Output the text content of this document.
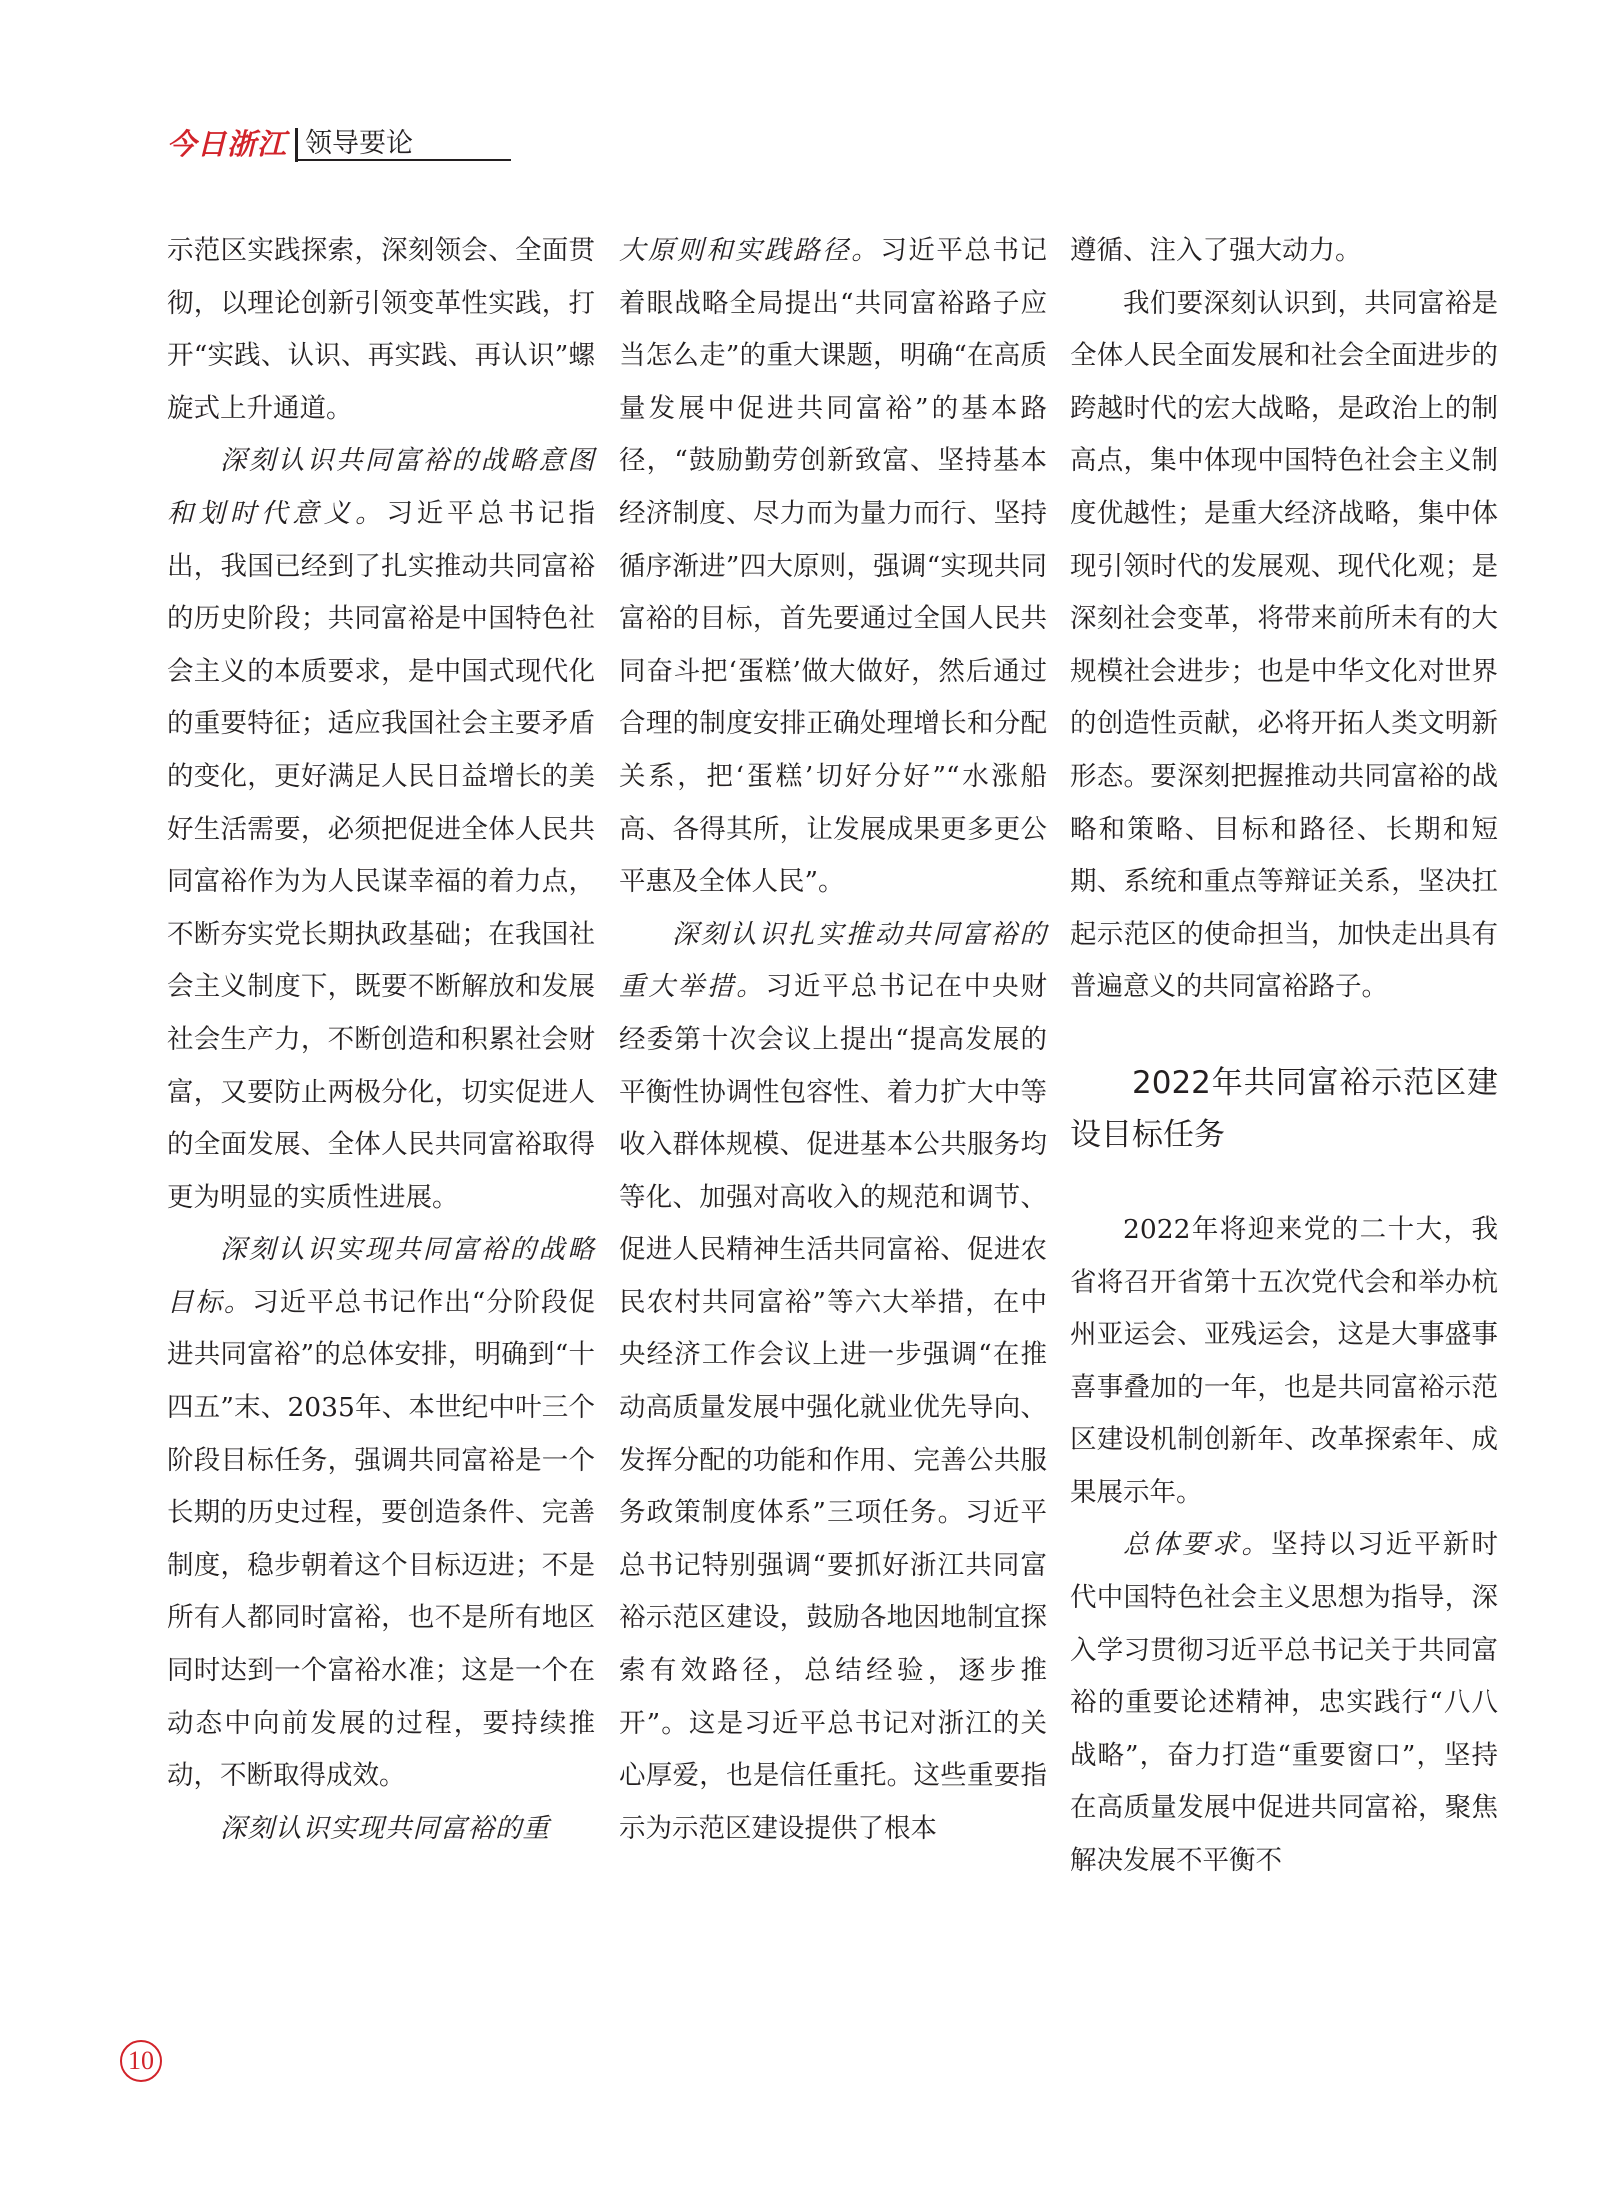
今日浙江 领导要论

示范区实践探索，深刻领会、全面贯彻，以理论创新引领变革性实践，打开“实践、认识、再实践、再认识”螺旋式上升通道。

深刻认识共同富裕的战略意图和划时代意义。习近平总书记指出，我国已经到了扎实推动共同富裕的历史阶段；共同富裕是中国特色社会主义的本质要求，是中国式现代化的重要特征；适应我国社会主要矛盾的变化，更好满足人民日益增长的美好生活需要，必须把促进全体人民共同富裕作为为人民谋幸福的着力点，不断夯实党长期执政基础；在我国社会主义制度下，既要不断解放和发展社会生产力，不断创造和积累社会财富，又要防止两极分化，切实促进人的全面发展、全体人民共同富裕取得更为明显的实质性进展。

深刻认识实现共同富裕的战略目标。习近平总书记作出“分阶段促进共同富裕”的总体安排，明确到“十四五”末、2035年、本世纪中叶三个阶段目标任务，强调共同富裕是一个长期的历史过程，要创造条件、完善制度，稳步朝着这个目标迈进；不是所有人都同时富裕，也不是所有地区同时达到一个富裕水准；这是一个在动态中向前发展的过程，要持续推动，不断取得成效。

深刻认识实现共同富裕的重

大原则和实践路径。习近平总书记着眼战略全局提出“共同富裕路子应当怎么走”的重大课题，明确“在高质量发展中促进共同富裕”的基本路径，“鼓励勤劳创新致富、坚持基本经济制度、尽力而为量力而行、坚持循序渐进”四大原则，强调“实现共同富裕的目标，首先要通过全国人民共同奋斗把‘蛋糕’做大做好，然后通过合理的制度安排正确处理增长和分配关系，把‘蛋糕’切好分好”“水涨船高、各得其所，让发展成果更多更公平惠及全体人民”。

深刻认识扎实推动共同富裕的重大举措。习近平总书记在中央财经委第十次会议上提出“提高发展的平衡性协调性包容性、着力扩大中等收入群体规模、促进基本公共服务均等化、加强对高收入的规范和调节、促进人民精神生活共同富裕、促进农民农村共同富裕”等六大举措，在中央经济工作会议上进一步强调“在推动高质量发展中强化就业优先导向、发挥分配的功能和作用、完善公共服务政策制度体系”三项任务。习近平总书记特别强调“要抓好浙江共同富裕示范区建设，鼓励各地因地制宜探索有效路径，总结经验，逐步推开”。这是习近平总书记对浙江的关心厚爱，也是信任重托。这些重要指示为示范区建设提供了根本

遵循、注入了强大动力。

我们要深刻认识到，共同富裕是全体人民全面发展和社会全面进步的跨越时代的宏大战略，是政治上的制高点，集中体现中国特色社会主义制度优越性；是重大经济战略，集中体现引领时代的发展观、现代化观；是深刻社会变革，将带来前所未有的大规模社会进步；也是中华文化对世界的创造性贡献，必将开拓人类文明新形态。要深刻把握推动共同富裕的战略和策略、目标和路径、长期和短期、系统和重点等辩证关系，坚决扛起示范区的使命担当，加快走出具有普遍意义的共同富裕路子。

2022年共同富裕示范区建设目标任务

2022年将迎来党的二十大，我省将召开省第十五次党代会和举办杭州亚运会、亚残运会，这是大事盛事喜事叠加的一年，也是共同富裕示范区建设机制创新年、改革探索年、成果展示年。

总体要求。坚持以习近平新时代中国特色社会主义思想为指导，深入学习贯彻习近平总书记关于共同富裕的重要论述精神，忠实践行“八八战略”，奋力打造“重要窗口”，坚持在高质量发展中促进共同富裕，聚焦解决发展不平衡不

10
